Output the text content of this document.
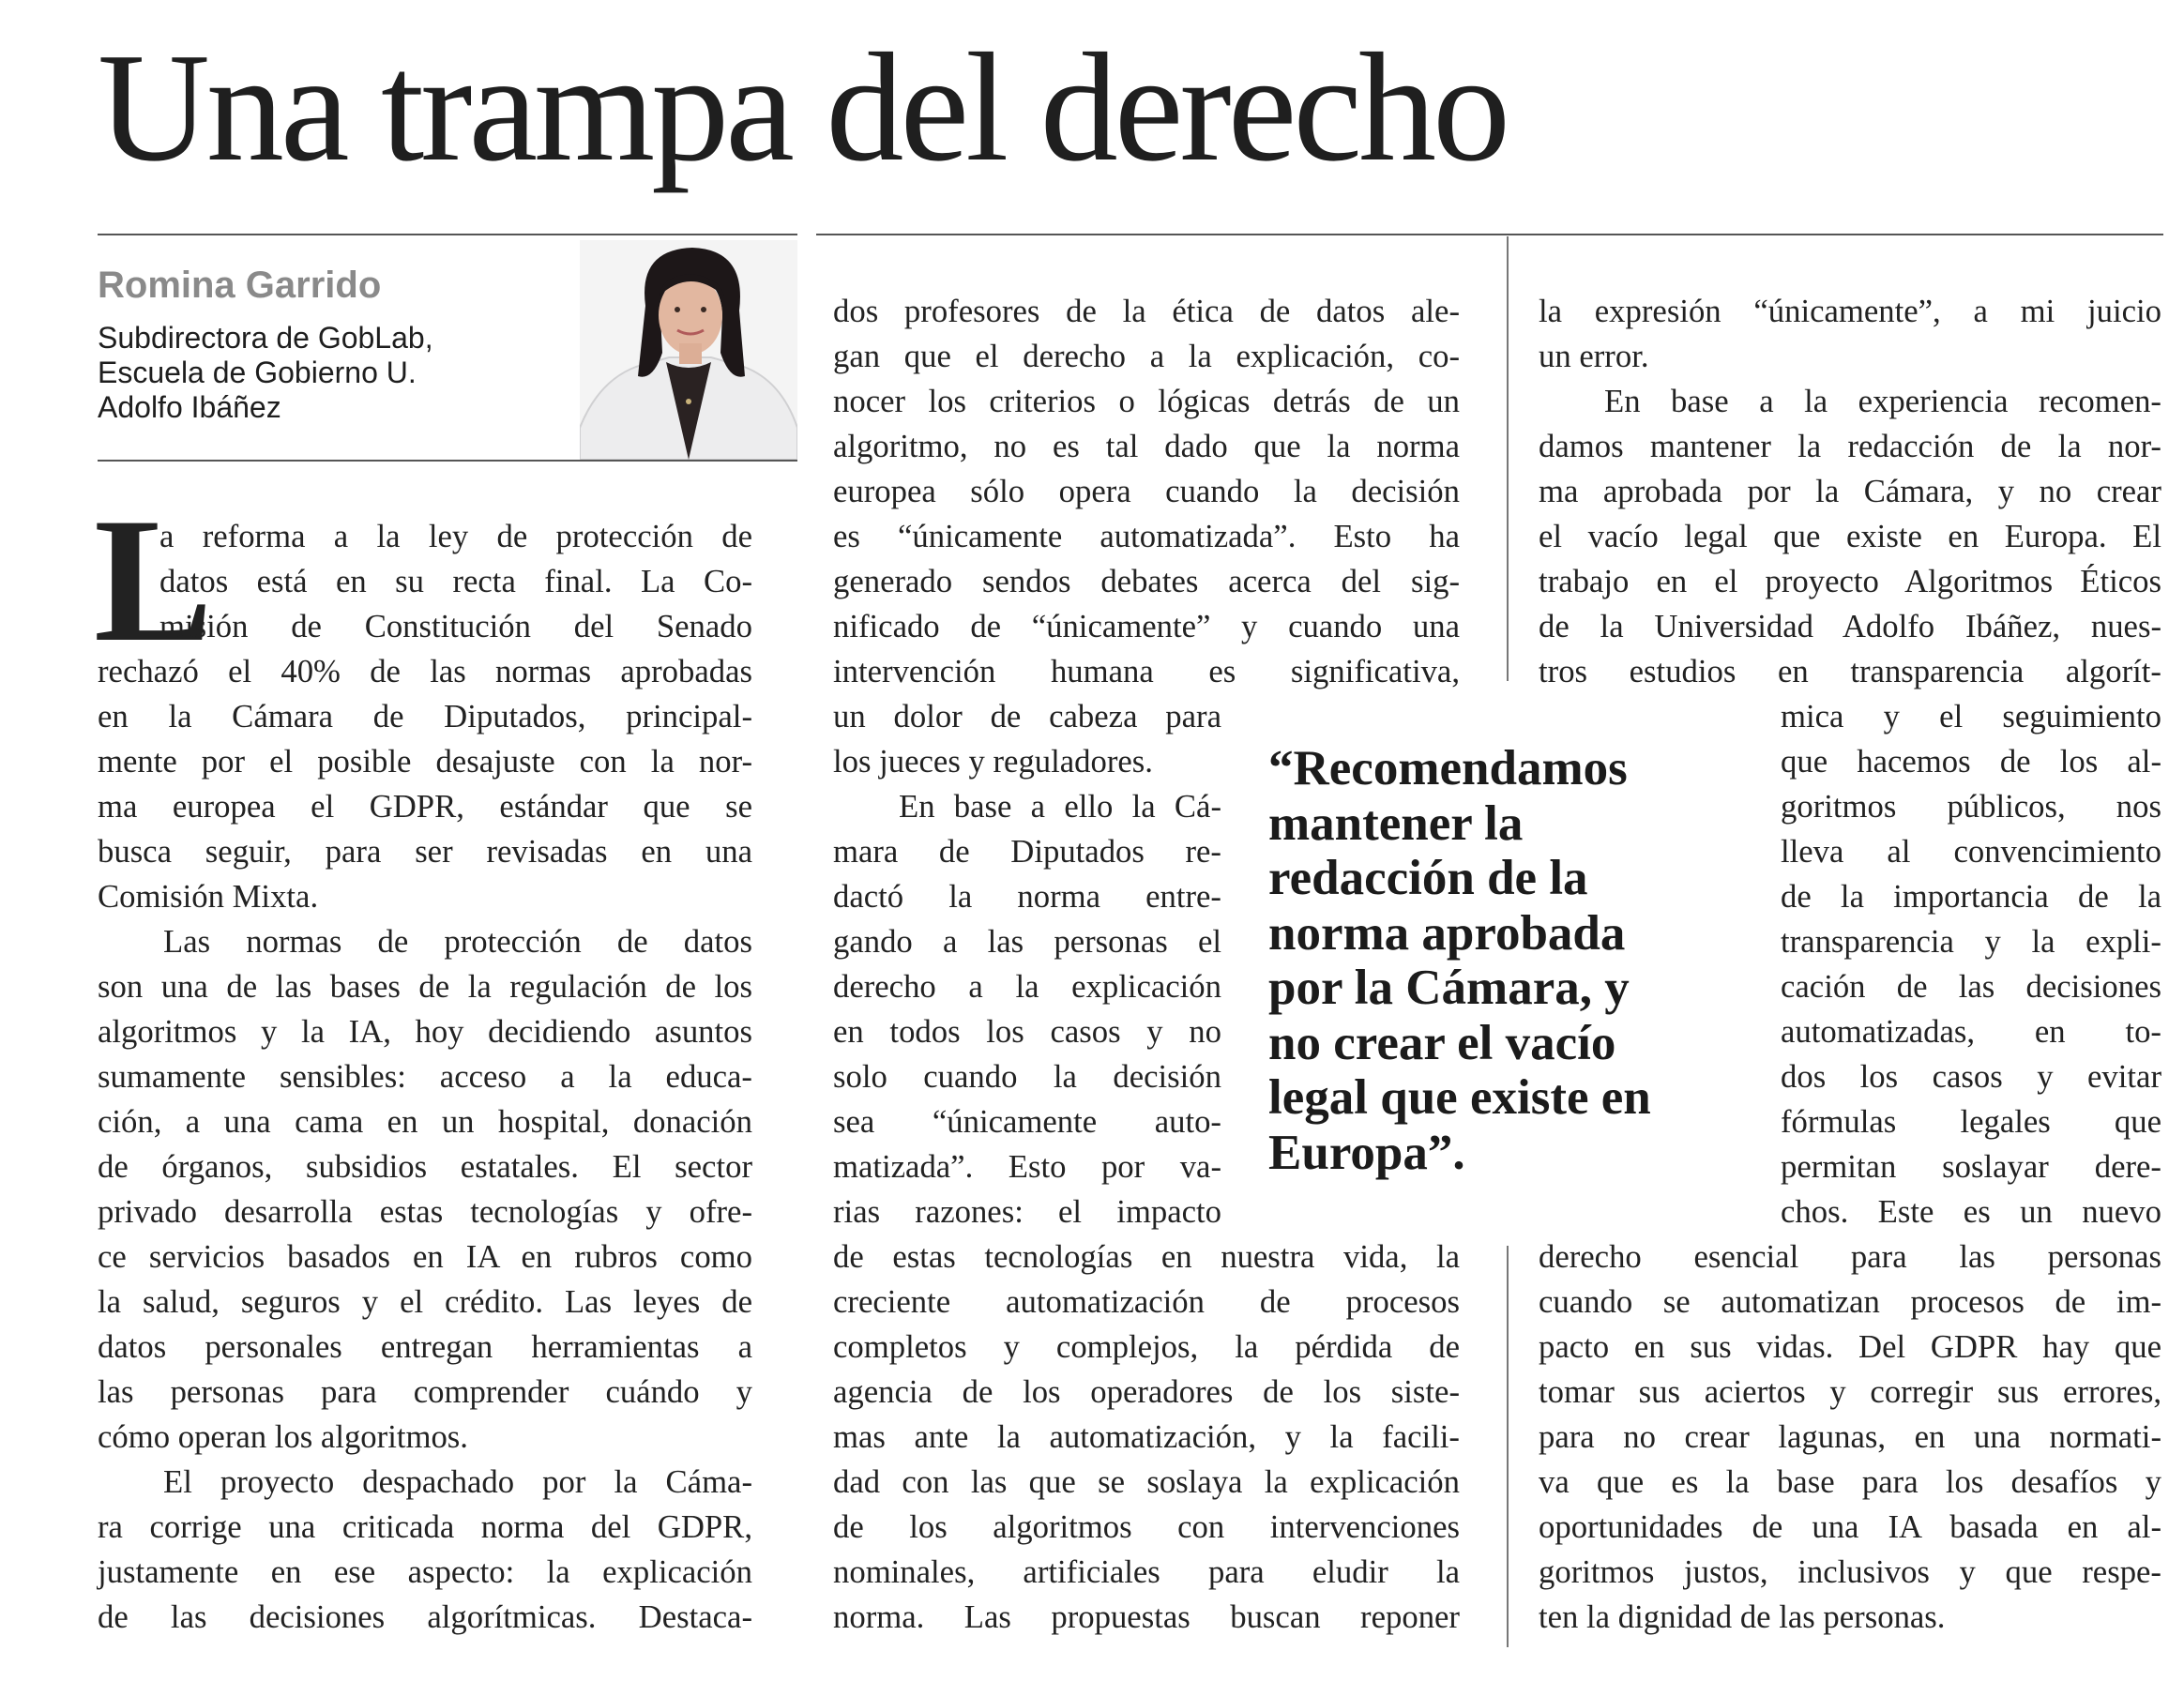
Una trampa del derecho
Romina Garrido
Subdirectora de GobLab,
Escuela de Gobierno U.
Adolfo Ibáñez
L
a reforma a la ley de protección de
datos está en su recta final. La Co-
misión de Constitución del Senado
rechazó el 40% de las normas aprobadas
en la Cámara de Diputados, principal-
mente por el posible desajuste con la nor-
ma europea el GDPR, estándar que se
busca seguir, para ser revisadas en una
Comisión Mixta.
Las normas de protección de datos
son una de las bases de la regulación de los
algoritmos y la IA, hoy decidiendo asuntos
sumamente sensibles: acceso a la educa-
ción, a una cama en un hospital, donación
de órganos, subsidios estatales. El sector
privado desarrolla estas tecnologías y ofre-
ce servicios basados en IA en rubros como
la salud, seguros y el crédito. Las leyes de
datos personales entregan herramientas a
las personas para comprender cuándo y
cómo operan los algoritmos.
El proyecto despachado por la Cáma-
ra corrige una criticada norma del GDPR,
justamente en ese aspecto: la explicación
de las decisiones algorítmicas. Destaca-
dos profesores de la ética de datos ale-
gan que el derecho a la explicación, co-
nocer los criterios o lógicas detrás de un
algoritmo, no es tal dado que la norma
europea sólo opera cuando la decisión
es “únicamente automatizada”. Esto ha
generado sendos debates acerca del sig-
nificado de “únicamente” y cuando una
intervención humana es significativa,
un dolor de cabeza para
los jueces y reguladores.
En base a ello la Cá-
mara de Diputados re-
dactó la norma entre-
gando a las personas el
derecho a la explicación
en todos los casos y no
solo cuando la decisión
sea “únicamente auto-
matizada”. Esto por va-
rias razones: el impacto
de estas tecnologías en nuestra vida, la
creciente automatización de procesos
completos y complejos, la pérdida de
agencia de los operadores de los siste-
mas ante la automatización, y la facili-
dad con las que se soslaya la explicación
de los algoritmos con intervenciones
nominales, artificiales para eludir la
norma. Las propuestas buscan reponer
“Recomendamos
mantener la
redacción de la
norma aprobada
por la Cámara, y
no crear el vacío
legal que existe en
Europa”.
la expresión “únicamente”, a mi juicio
un error.
En base a la experiencia recomen-
damos mantener la redacción de la nor-
ma aprobada por la Cámara, y no crear
el vacío legal que existe en Europa. El
trabajo en el proyecto Algoritmos Éticos
de la Universidad Adolfo Ibáñez, nues-
tros estudios en transparencia algorít-
mica y el seguimiento
que hacemos de los al-
goritmos públicos, nos
lleva al convencimiento
de la importancia de la
transparencia y la expli-
cación de las decisiones
automatizadas, en to-
dos los casos y evitar
fórmulas legales que
permitan soslayar dere-
chos. Este es un nuevo
derecho esencial para las personas
cuando se automatizan procesos de im-
pacto en sus vidas. Del GDPR hay que
tomar sus aciertos y corregir sus errores,
para no crear lagunas, en una normati-
va que es la base para los desafíos y
oportunidades de una IA basada en al-
goritmos justos, inclusivos y que respe-
ten la dignidad de las personas.
